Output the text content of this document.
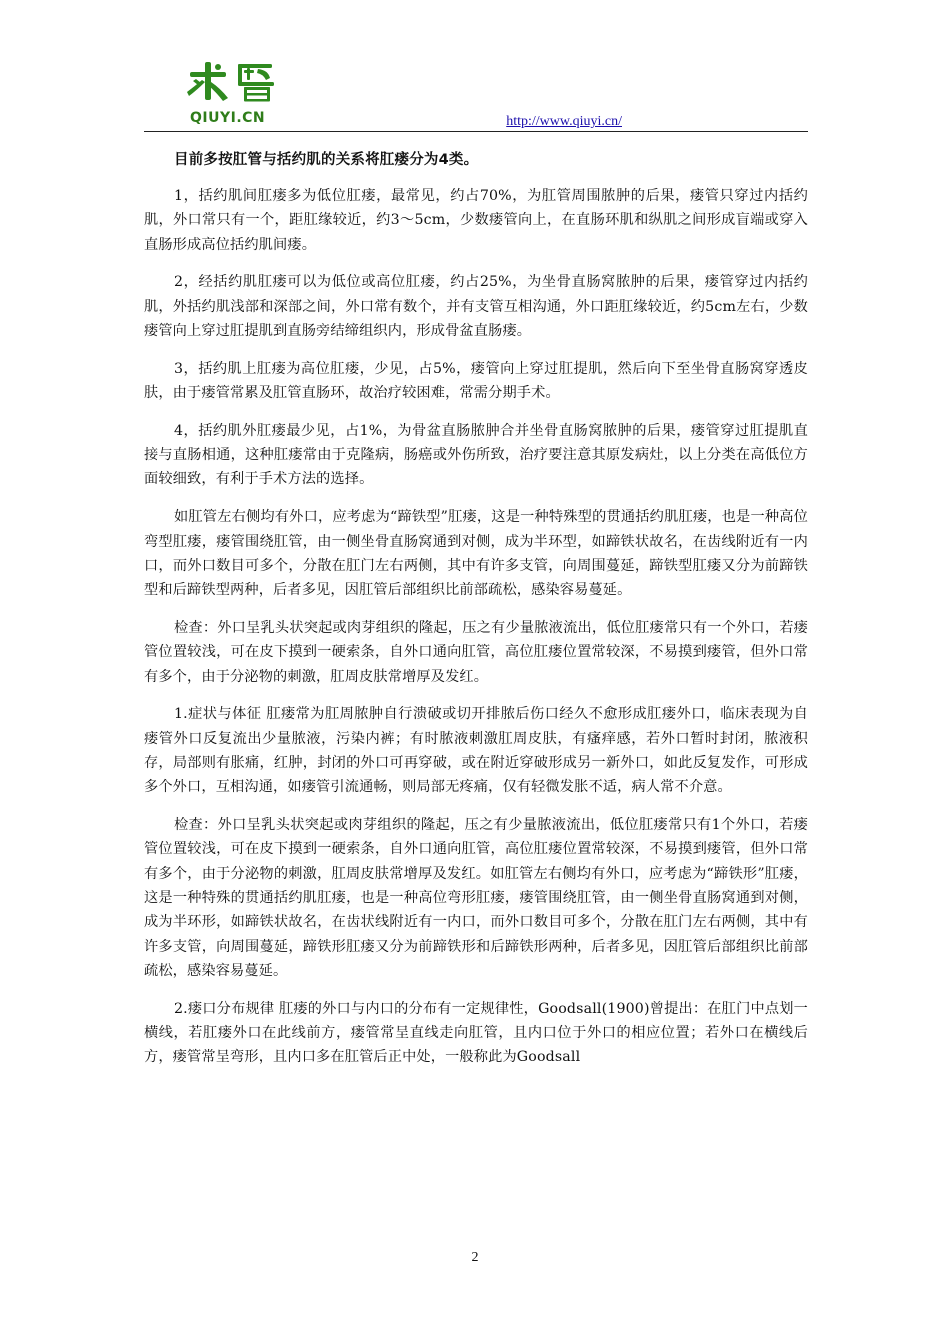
QIUYI.CN	http://www.qiuyi.cn/
目前多按肛管与括约肌的关系将肛瘘分为4类。

1，括约肌间肛瘘多为低位肛瘘，最常见，约占70%，为肛管周围脓肿的后果，瘘管只穿过内括约肌，外口常只有一个，距肛缘较近，约3～5cm，少数瘘管向上，在直肠环肌和纵肌之间形成盲端或穿入直肠形成高位括约肌间瘘。

2，经括约肌肛瘘可以为低位或高位肛瘘，约占25%，为坐骨直肠窝脓肿的后果，瘘管穿过内括约肌，外括约肌浅部和深部之间，外口常有数个，并有支管互相沟通，外口距肛缘较近，约5cm左右，少数瘘管向上穿过肛提肌到直肠旁结缔组织内，形成骨盆直肠瘘。

3，括约肌上肛瘘为高位肛瘘，少见，占5%，瘘管向上穿过肛提肌，然后向下至坐骨直肠窝穿透皮肤，由于瘘管常累及肛管直肠环，故治疗较困难，常需分期手术。

4，括约肌外肛瘘最少见，占1%，为骨盆直肠脓肿合并坐骨直肠窝脓肿的后果，瘘管穿过肛提肌直接与直肠相通，这种肛瘘常由于克隆病，肠癌或外伤所致，治疗要注意其原发病灶，以上分类在高低位方面较细致，有利于手术方法的选择。

如肛管左右侧均有外口，应考虑为“蹄铁型”肛瘘，这是一种特殊型的贯通括约肌肛瘘，也是一种高位弯型肛瘘，瘘管围绕肛管，由一侧坐骨直肠窝通到对侧，成为半环型，如蹄铁状故名，在齿线附近有一内口，而外口数目可多个，分散在肛门左右两侧，其中有许多支管，向周围蔓延，蹄铁型肛瘘又分为前蹄铁型和后蹄铁型两种，后者多见，因肛管后部组织比前部疏松，感染容易蔓延。

检查：外口呈乳头状突起或肉芽组织的隆起，压之有少量脓液流出，低位肛瘘常只有一个外口，若瘘管位置较浅，可在皮下摸到一硬索条，自外口通向肛管，高位肛瘘位置常较深，不易摸到瘘管，但外口常有多个，由于分泌物的刺激，肛周皮肤常增厚及发红。

1.症状与体征 肛瘘常为肛周脓肿自行溃破或切开排脓后伤口经久不愈形成肛瘘外口，临床表现为自瘘管外口反复流出少量脓液，污染内裤；有时脓液刺激肛周皮肤，有瘙痒感，若外口暂时封闭，脓液积存，局部则有胀痛，红肿，封闭的外口可再穿破，或在附近穿破形成另一新外口，如此反复发作，可形成多个外口，互相沟通，如瘘管引流通畅，则局部无疼痛，仅有轻微发胀不适，病人常不介意。

检查：外口呈乳头状突起或肉芽组织的隆起，压之有少量脓液流出，低位肛瘘常只有1个外口，若瘘管位置较浅，可在皮下摸到一硬索条，自外口通向肛管，高位肛瘘位置常较深，不易摸到瘘管，但外口常有多个，由于分泌物的刺激，肛周皮肤常增厚及发红。如肛管左右侧均有外口，应考虑为“蹄铁形”肛瘘，这是一种特殊的贯通括约肌肛瘘，也是一种高位弯形肛瘘，瘘管围绕肛管，由一侧坐骨直肠窝通到对侧，成为半环形，如蹄铁状故名，在齿状线附近有一内口，而外口数目可多个，分散在肛门左右两侧，其中有许多支管，向周围蔓延，蹄铁形肛瘘又分为前蹄铁形和后蹄铁形两种，后者多见，因肛管后部组织比前部疏松，感染容易蔓延。

2.瘘口分布规律 肛瘘的外口与内口的分布有一定规律性，Goodsall(1900)曾提出：在肛门中点划一横线，若肛瘘外口在此线前方，瘘管常呈直线走向肛管，且内口位于外口的相应位置；若外口在横线后方，瘘管常呈弯形，且内口多在肛管后正中处，一般称此为Goodsall

2
